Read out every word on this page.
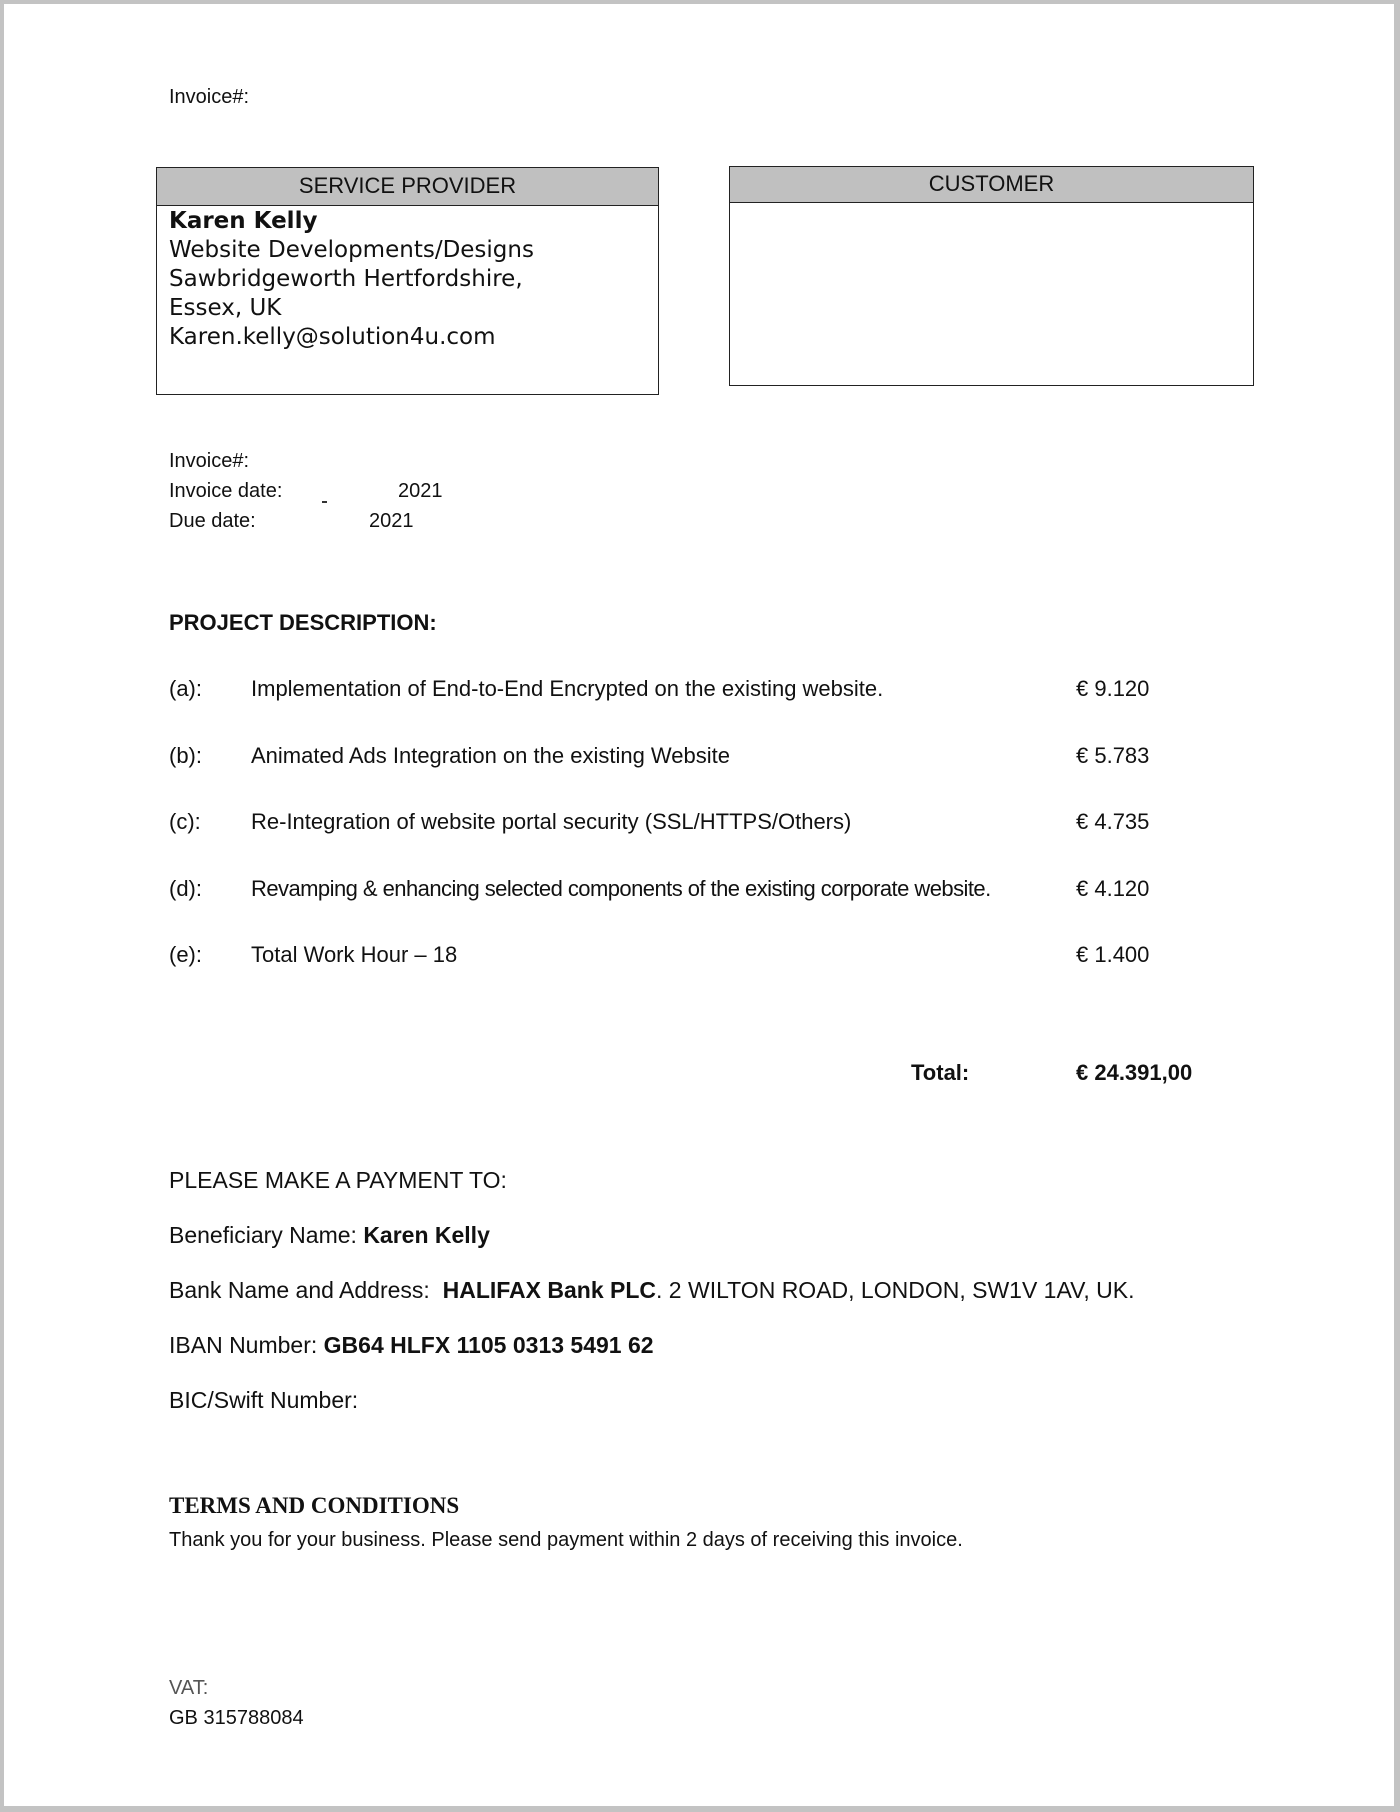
Invoice#:
SERVICE PROVIDER
Karen Kelly
Website Developments/Designs
Sawbridgeworth Hertfordshire,
Essex, UK
Karen.kelly@solution4u.com
CUSTOMER
Invoice#:
Invoice date:	2021
Due date:	2021
PROJECT DESCRIPTION:
(a): Implementation of End-to-End Encrypted on the existing website.	€ 9.120
(b): Animated Ads Integration on the existing Website	€ 5.783
(c): Re-Integration of website portal security (SSL/HTTPS/Others)	€ 4.735
(d): Revamping & enhancing selected components of the existing corporate website.	€ 4.120
(e): Total Work Hour – 18	€ 1.400
Total:	€ 24.391,00
PLEASE MAKE A PAYMENT TO:
Beneficiary Name: Karen Kelly
Bank Name and Address:  HALIFAX Bank PLC. 2 WILTON ROAD, LONDON, SW1V 1AV, UK.
IBAN Number: GB64 HLFX 1105 0313 5491 62
BIC/Swift Number:
TERMS AND CONDITIONS
Thank you for your business. Please send payment within 2 days of receiving this invoice.
VAT:
GB 315788084
